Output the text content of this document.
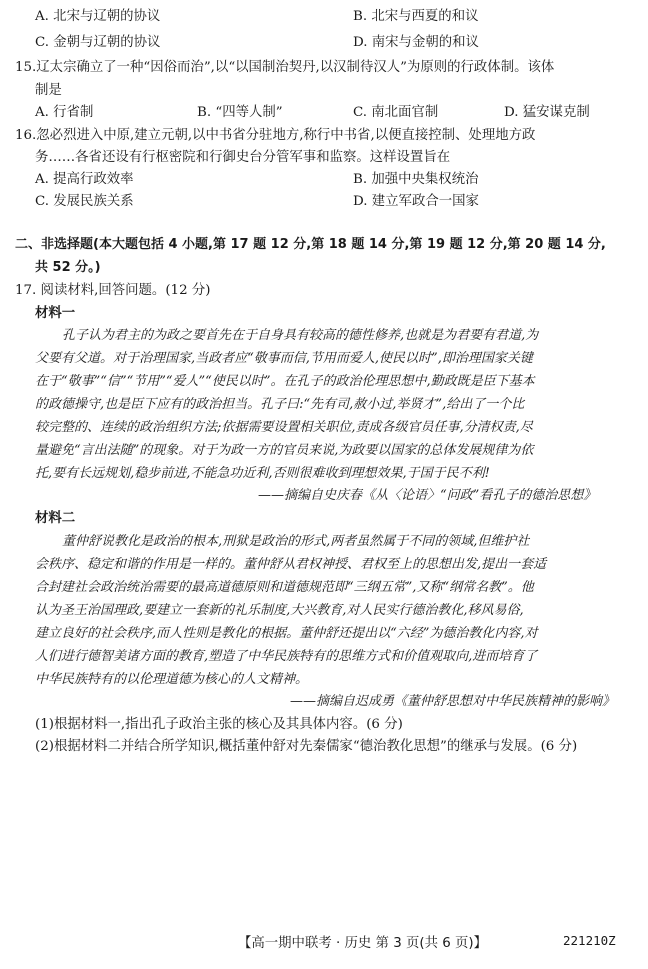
A. 北宋与辽朝的协议	B. 北宋与西夏的和议
C. 金朝与辽朝的协议	D. 南宋与金朝的和议
15.辽太宗确立了一种“因俗而治”,以“以国制治契丹,以汉制待汉人”为原则的行政体制。该体
制是
A. 行省制	B. “四等人制”	C. 南北面官制	D. 猛安谋克制
16.忽必烈进入中原,建立元朝,以中书省分驻地方,称行中书省,以便直接控制、处理地方政
务……各省还设有行枢密院和行御史台分管军事和监察。这样设置旨在
A. 提高行政效率	B. 加强中央集权统治
C. 发展民族关系	D. 建立军政合一国家
二、非选择题(本大题包括 4 小题,第 17 题 12 分,第 18 题 14 分,第 19 题 12 分,第 20 题 14 分,
共 52 分。)
17. 阅读材料,回答问题。(12 分)
材料一
孔子认为君主的为政之要首先在于自身具有较高的德性修养,也就是为君要有君道,为
父要有父道。对于治理国家,当政者应“敬事而信,节用而爱人,使民以时”,即治理国家关键
在于“敬事”“信”“节用”“爱人”“使民以时”。在孔子的政治伦理思想中,勤政既是臣下基本
的政德操守,也是臣下应有的政治担当。孔子曰:“先有司,赦小过,举贤才”,给出了一个比
较完整的、连续的政治组织方法;依据需要设置相关职位,责成各级官员任事,分清权责,尽
量避免“言出法随”的现象。对于为政一方的官员来说,为政要以国家的总体发展规律为依
托,要有长远规划,稳步前进,不能急功近利,否则很难收到理想效果,于国于民不利!
——摘编自史庆春《从〈论语〉“问政”看孔子的德治思想》
材料二
董仲舒说教化是政治的根本,刑狱是政治的形式,两者虽然属于不同的领域,但维护社
会秩序、稳定和谐的作用是一样的。董仲舒从君权神授、君权至上的思想出发,提出一套适
合封建社会政治统治需要的最高道德原则和道德规范即“三纲五常”,又称“纲常名教”。他
认为圣王治国理政,要建立一套新的礼乐制度,大兴教育,对人民实行德治教化,移风易俗,
建立良好的社会秩序,而人性则是教化的根据。董仲舒还提出以“六经”为德治教化内容,对
人们进行德智美诸方面的教育,塑造了中华民族特有的思维方式和价值观取向,进而培育了
中华民族特有的以伦理道德为核心的人文精神。
——摘编自迟成勇《董仲舒思想对中华民族精神的影响》
(1)根据材料一,指出孔子政治主张的核心及其具体内容。(6 分)
(2)根据材料二并结合所学知识,概括董仲舒对先秦儒家“德治教化思想”的继承与发展。(6 分)
【高一期中联考 · 历史 第 3 页(共 6 页)】	221210Z
